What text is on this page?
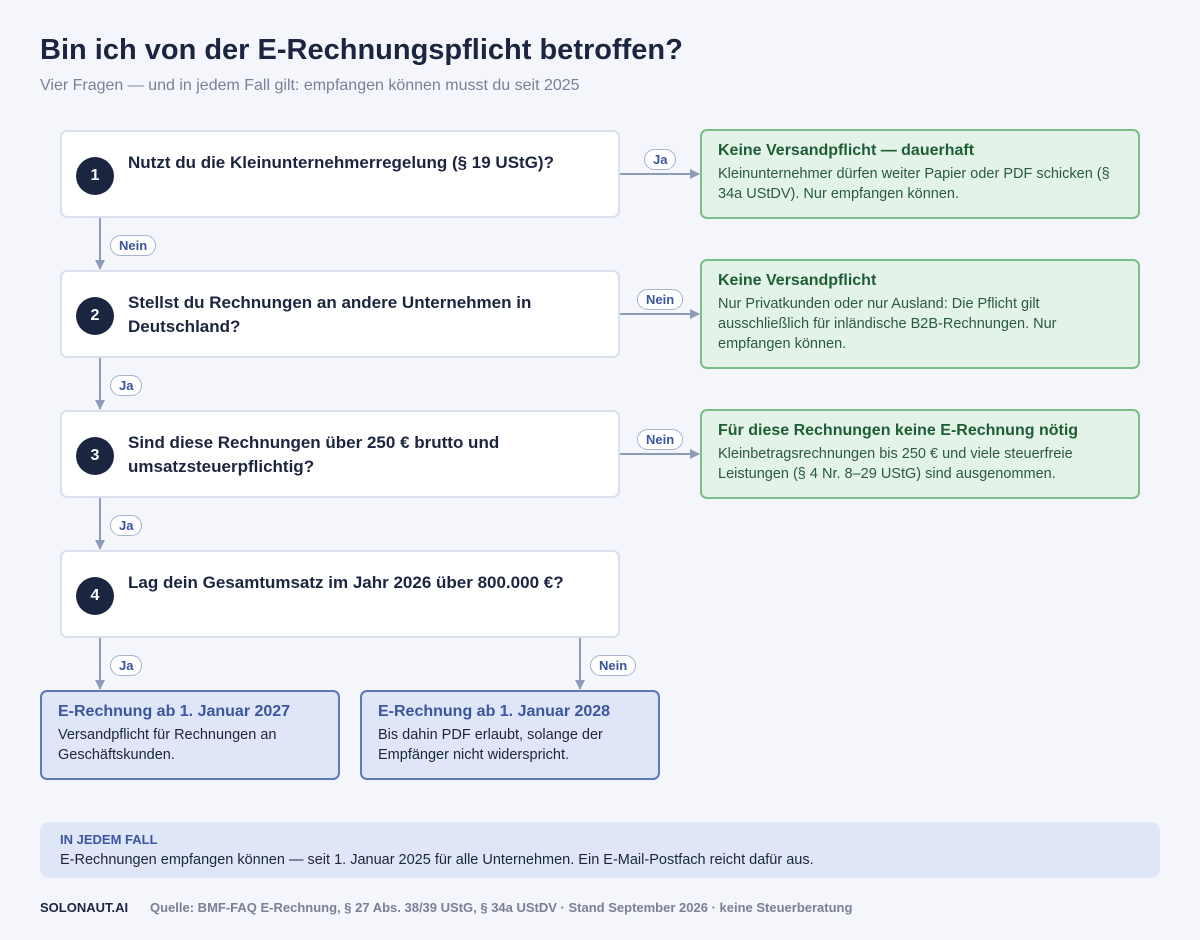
Bin ich von der E-Rechnungspflicht betroffen?
Vier Fragen — und in jedem Fall gilt: empfangen können musst du seit 2025
1
Nutzt du die Kleinunternehmerregelung (§ 19 UStG)?
2
Stellst du Rechnungen an andere Unternehmen in Deutschland?
3
Sind diese Rechnungen über 250 € brutto und umsatzsteuerpflichtig?
4
Lag dein Gesamtumsatz im Jahr 2026 über 800.000 €?
Keine Versandpflicht — dauerhaft
Kleinunternehmer dürfen weiter Papier oder PDF schicken (§ 34a UStDV). Nur empfangen können.
Keine Versandpflicht
Nur Privatkunden oder nur Ausland: Die Pflicht gilt ausschließlich für inländische B2B-Rechnungen. Nur empfangen können.
Für diese Rechnungen keine E-Rechnung nötig
Kleinbetragsrechnungen bis 250 € und viele steuerfreie Leistungen (§ 4 Nr. 8–29 UStG) sind ausgenommen.
E-Rechnung ab 1. Januar 2027
Versandpflicht für Rechnungen an Geschäftskunden.
E-Rechnung ab 1. Januar 2028
Bis dahin PDF erlaubt, solange der Empfänger nicht widerspricht.
Ja
Nein
Nein
Ja
Nein
Ja
Ja	Nein
IN JEDEM FALL
E-Rechnungen empfangen können — seit 1. Januar 2025 für alle Unternehmen. Ein E-Mail-Postfach reicht dafür aus.
SOLONAUT.AI Quelle: BMF-FAQ E-Rechnung, § 27 Abs. 38/39 UStG, § 34a UStDV · Stand September 2026 · keine Steuerberatung
